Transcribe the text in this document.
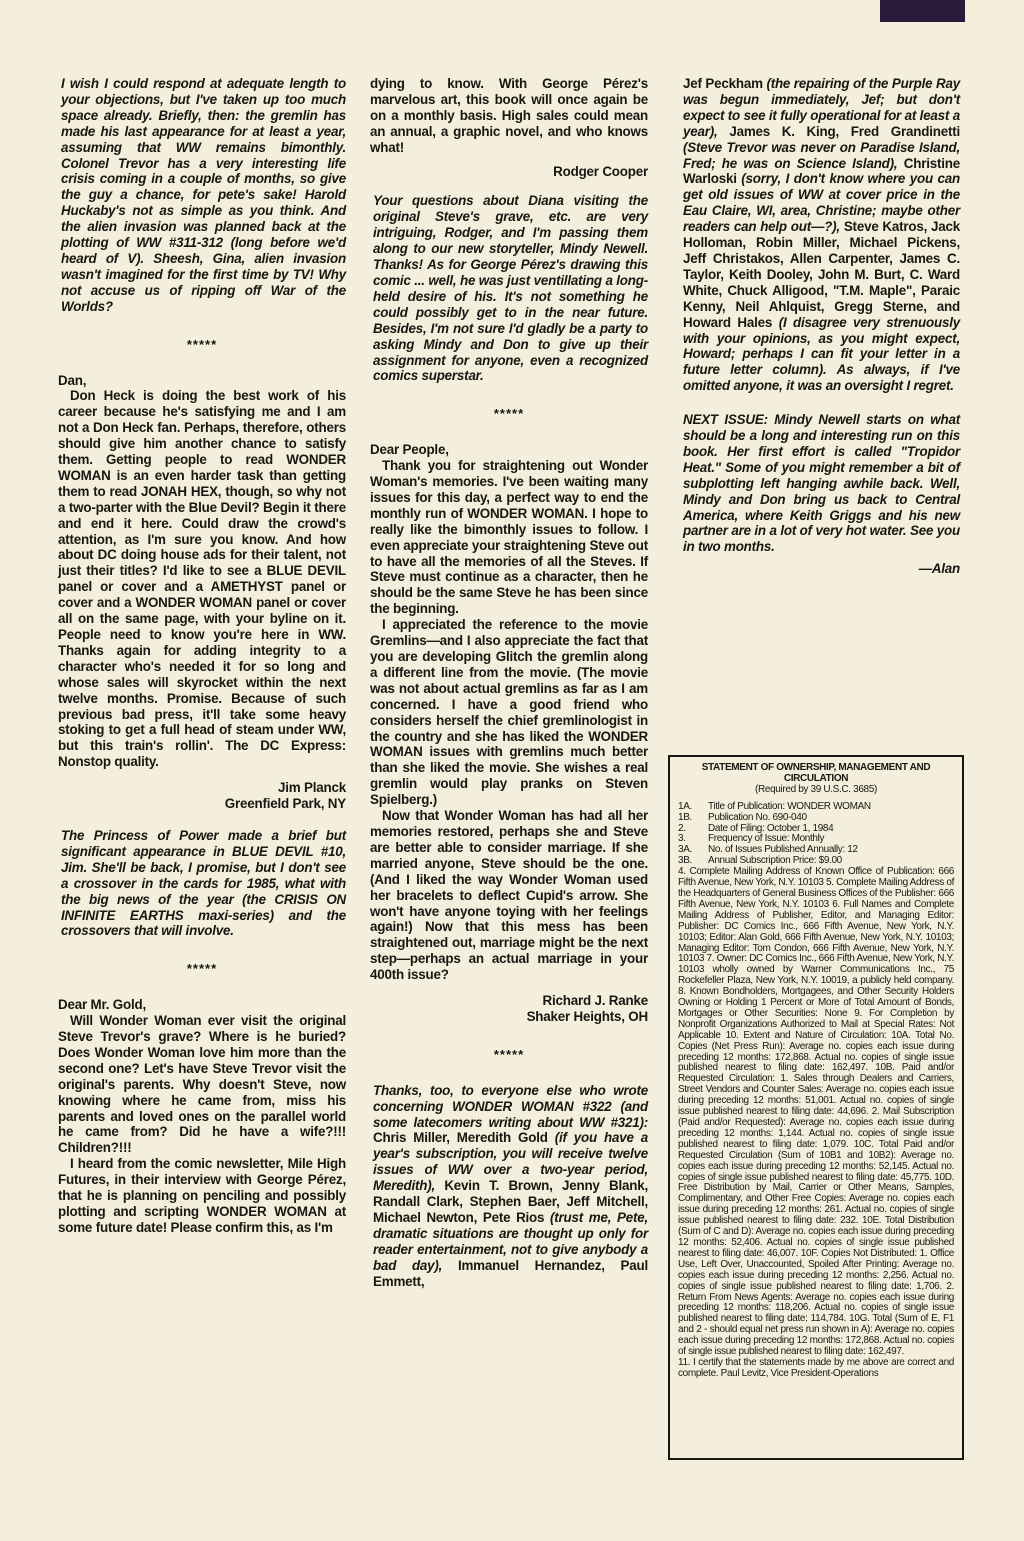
I wish I could respond at adequate length to your objections, but I've taken up too much space already. Briefly, then: the gremlin has made his last appearance for at least a year, assuming that WW remains bimonthly. Colonel Trevor has a very interesting life crisis coming in a couple of months, so give the guy a chance, for pete's sake! Harold Huckaby's not as simple as you think. And the alien invasion was planned back at the plotting of WW #311-312 (long before we'd heard of V). Sheesh, Gina, alien invasion wasn't imagined for the first time by TV! Why not accuse us of ripping off War of the Worlds?

*****

Dan,

Don Heck is doing the best work of his career because he's satisfying me and I am not a Don Heck fan. Perhaps, therefore, others should give him another chance to satisfy them. Getting people to read WONDER WOMAN is an even harder task than getting them to read JONAH HEX, though, so why not a two-parter with the Blue Devil? Begin it there and end it here. Could draw the crowd's attention, as I'm sure you know. And how about DC doing house ads for their talent, not just their titles? I'd like to see a BLUE DEVIL panel or cover and a AMETHYST panel or cover and a WONDER WOMAN panel or cover all on the same page, with your byline on it. People need to know you're here in WW. Thanks again for adding integrity to a character who's needed it for so long and whose sales will skyrocket within the next twelve months. Promise. Because of such previous bad press, it'll take some heavy stoking to get a full head of steam under WW, but this train's rollin'. The DC Express: Nonstop quality.

Jim Planck

Greenfield Park, NY

The Princess of Power made a brief but significant appearance in BLUE DEVIL #10, Jim. She'll be back, I promise, but I don't see a crossover in the cards for 1985, what with the big news of the year (the CRISIS ON INFINITE EARTHS maxi-series) and the crossovers that will involve.

*****

Dear Mr. Gold,

Will Wonder Woman ever visit the original Steve Trevor's grave? Where is he buried? Does Wonder Woman love him more than the second one? Let's have Steve Trevor visit the original's parents. Why doesn't Steve, now knowing where he came from, miss his parents and loved ones on the parallel world he came from? Did he have a wife?!!! Children?!!!

I heard from the comic newsletter, Mile High Futures, in their interview with George Pérez, that he is planning on penciling and possibly plotting and scripting WONDER WOMAN at some future date! Please confirm this, as I'm

dying to know. With George Pérez's marvelous art, this book will once again be on a monthly basis. High sales could mean an annual, a graphic novel, and who knows what!

Rodger Cooper

Your questions about Diana visiting the original Steve's grave, etc. are very intriguing, Rodger, and I'm passing them along to our new storyteller, Mindy Newell. Thanks! As for George Pérez's drawing this comic ... well, he was just ventillating a long-held desire of his. It's not something he could possibly get to in the near future. Besides, I'm not sure I'd gladly be a party to asking Mindy and Don to give up their assignment for anyone, even a recognized comics superstar.

*****

Dear People,

Thank you for straightening out Wonder Woman's memories. I've been waiting many issues for this day, a perfect way to end the monthly run of WONDER WOMAN. I hope to really like the bimonthly issues to follow. I even appreciate your straightening Steve out to have all the memories of all the Steves. If Steve must continue as a character, then he should be the same Steve he has been since the beginning.

I appreciated the reference to the movie Gremlins—and I also appreciate the fact that you are developing Glitch the gremlin along a different line from the movie. (The movie was not about actual gremlins as far as I am concerned. I have a good friend who considers herself the chief gremlinologist in the country and she has liked the WONDER WOMAN issues with gremlins much better than she liked the movie. She wishes a real gremlin would play pranks on Steven Spielberg.)

Now that Wonder Woman has had all her memories restored, perhaps she and Steve are better able to consider marriage. If she married anyone, Steve should be the one. (And I liked the way Wonder Woman used her bracelets to deflect Cupid's arrow. She won't have anyone toying with her feelings again!) Now that this mess has been straightened out, marriage might be the next step—perhaps an actual marriage in your 400th issue?

Richard J. Ranke

Shaker Heights, OH

*****

Thanks, too, to everyone else who wrote concerning WONDER WOMAN #322 (and some latecomers writing about WW #321): Chris Miller, Meredith Gold (if you have a year's subscription, you will receive twelve issues of WW over a two-year period, Meredith), Kevin T. Brown, Jenny Blank, Randall Clark, Stephen Baer, Jeff Mitchell, Michael Newton, Pete Rios (trust me, Pete, dramatic situations are thought up only for reader entertainment, not to give anybody a bad day), Immanuel Hernandez, Paul Emmett,

Jef Peckham (the repairing of the Purple Ray was begun immediately, Jef; but don't expect to see it fully operational for at least a year), James K. King, Fred Grandinetti (Steve Trevor was never on Paradise Island, Fred; he was on Science Island), Christine Warloski (sorry, I don't know where you can get old issues of WW at cover price in the Eau Claire, WI, area, Christine; maybe other readers can help out—?), Steve Katros, Jack Holloman, Robin Miller, Michael Pickens, Jeff Christakos, Allen Carpenter, James C. Taylor, Keith Dooley, John M. Burt, C. Ward White, Chuck Alligood, "T.M. Maple", Paraic Kenny, Neil Ahlquist, Gregg Sterne, and Howard Hales (I disagree very strenuously with your opinions, as you might expect, Howard; perhaps I can fit your letter in a future letter column). As always, if I've omitted anyone, it was an oversight I regret.

NEXT ISSUE: Mindy Newell starts on what should be a long and interesting run on this book. Her first effort is called "Tropidor Heat." Some of you might remember a bit of subplotting left hanging awhile back. Well, Mindy and Don bring us back to Central America, where Keith Griggs and his new partner are in a lot of very hot water. See you in two months.

—Alan

STATEMENT OF OWNERSHIP, MANAGEMENT AND CIRCULATION
(Required by 39 U.S.C. 3685)
1A.	Title of Publication: WONDER WOMAN
1B.	Publication No. 690-040
2.	Date of Filing: October 1, 1984
3.	Frequency of Issue: Monthly
3A.	No. of Issues Published Annually: 12
3B.	Annual Subscription Price: $9.00

4. Complete Mailing Address of Known Office of Publication: 666 Fifth Avenue, New York, N.Y. 10103 5. Complete Mailing Address of the Headquarters of General Business Offices of the Publisher: 666 Fifth Avenue, New York, N.Y. 10103 6. Full Names and Complete Mailing Address of Publisher, Editor, and Managing Editor: Publisher: DC Comics Inc., 666 Fifth Avenue, New York, N.Y. 10103; Editor: Alan Gold, 666 Fifth Avenue, New York, N.Y. 10103; Managing Editor: Tom Condon, 666 Fifth Avenue, New York, N.Y. 10103 7. Owner: DC Comics Inc., 666 Fifth Avenue, New York, N.Y. 10103 wholly owned by Warner Communications Inc., 75 Rockefeller Plaza, New York, N.Y. 10019, a publicly held company. 8. Known Bondholders, Mortgagees, and Other Security Holders Owning or Holding 1 Percent or More of Total Amount of Bonds, Mortgages or Other Securities: None 9. For Completion by Nonprofit Organizations Authorized to Mail at Special Rates: Not Applicable 10. Extent and Nature of Circulation: 10A. Total No. Copies (Net Press Run): Average no. copies each issue during preceding 12 months: 172,868. Actual no. copies of single issue published nearest to filing date: 162,497. 10B. Paid and/or Requested Circulation: 1. Sales through Dealers and Carriers, Street Vendors and Counter Sales: Average no. copies each issue during preceding 12 months: 51,001. Actual no. copies of single issue published nearest to filing date: 44,696. 2. Mail Subscription (Paid and/or Requested): Average no. copies each issue during preceding 12 months: 1,144. Actual no. copies of single issue published nearest to filing date: 1,079. 10C. Total Paid and/or Requested Circulation (Sum of 10B1 and 10B2): Average no. copies each issue during preceding 12 months: 52,145. Actual no. copies of single issue published nearest to filing date: 45,775. 10D. Free Distribution by Mail, Carrier or Other Means, Samples, Complimentary, and Other Free Copies: Average no. copies each issue during preceding 12 months: 261. Actual no. copies of single issue published nearest to filing date: 232. 10E. Total Distribution (Sum of C and D): Average no. copies each issue during preceding 12 months: 52,406. Actual no. copies of single issue published nearest to filing date: 46,007. 10F. Copies Not Distributed: 1. Office Use, Left Over, Unaccounted, Spoiled After Printing: Average no. copies each issue during preceding 12 months: 2,256. Actual no. copies of single issue published nearest to filing date: 1,706. 2. Return From News Agents: Average no. copies each issue during preceding 12 months: 118,206. Actual no. copies of single issue published nearest to filing date: 114,784. 10G. Total (Sum of E, F1 and 2 - should equal net press run shown in A): Average no. copies each issue during preceding 12 months: 172,868. Actual no. copies of single issue published nearest to filing date: 162,497.

11. I certify that the statements made by me above are correct and complete. Paul Levitz, Vice President-Operations
